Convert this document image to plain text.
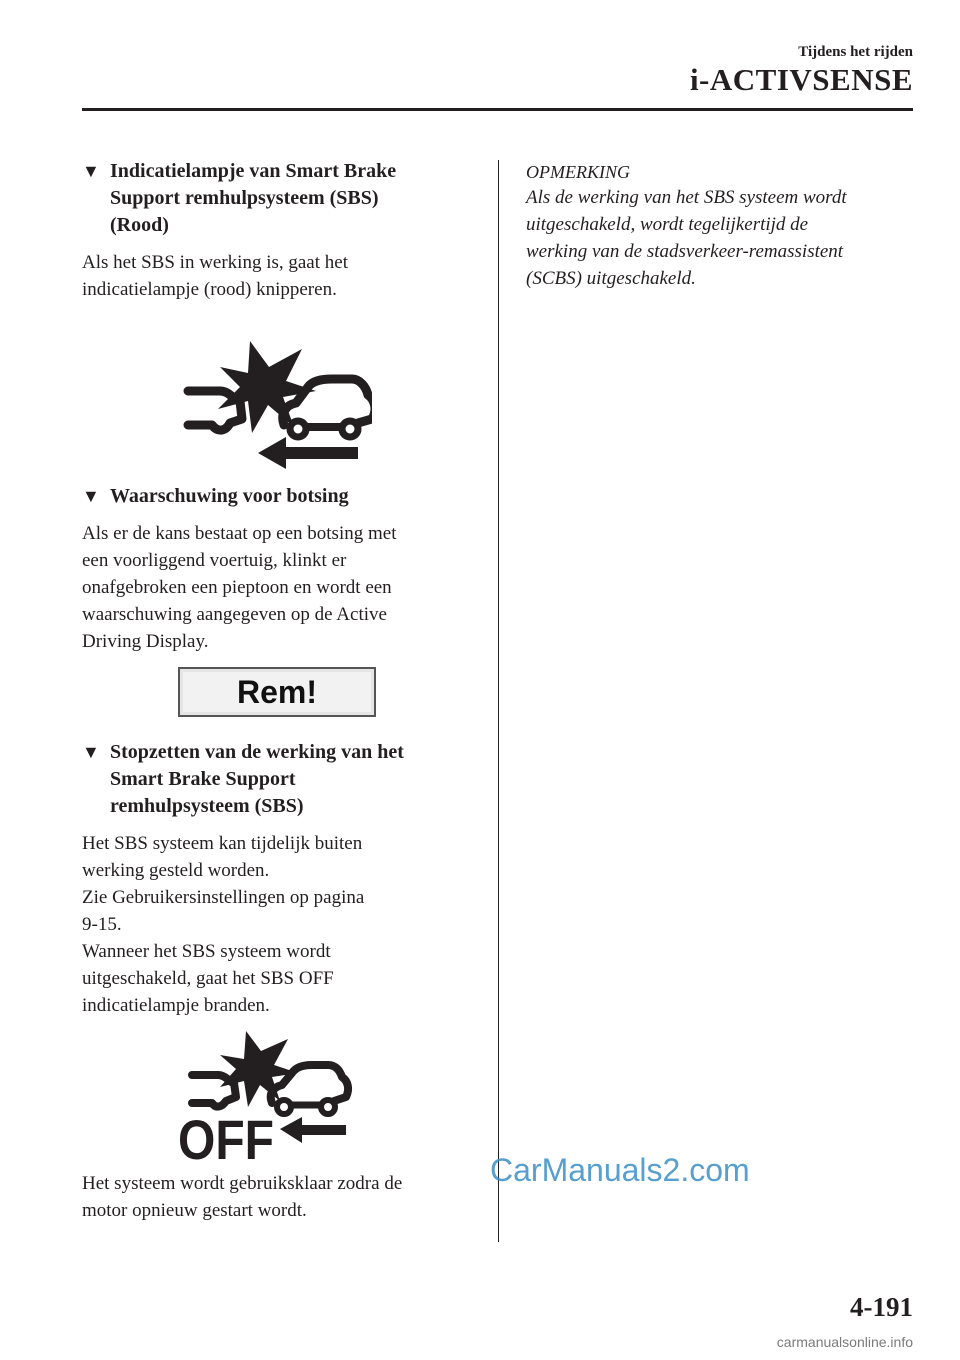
Tijdens het rijden
i-ACTIVSENSE
▼ Indicatielampje van Smart Brake
Support remhulpsysteem (SBS)
(Rood)
Als het SBS in werking is, gaat het
indicatielampje (rood) knipperen.
▼ Waarschuwing voor botsing
Als er de kans bestaat op een botsing met
een voorliggend voertuig, klinkt er
onafgebroken een pieptoon en wordt een
waarschuwing aangegeven op de Active
Driving Display.
Rem!
▼ Stopzetten van de werking van het
Smart Brake Support
remhulpsysteem (SBS)
Het SBS systeem kan tijdelijk buiten
werking gesteld worden.
Zie Gebruikersinstellingen op pagina
9-15.
Wanneer het SBS systeem wordt
uitgeschakeld, gaat het SBS OFF
indicatielampje branden.
OFF
Het systeem wordt gebruiksklaar zodra de
motor opnieuw gestart wordt.
OPMERKING
Als de werking van het SBS systeem wordt
uitgeschakeld, wordt tegelijkertijd de
werking van de stadsverkeer-remassistent
(SCBS) uitgeschakeld.
CarManuals2.com
4-191
carmanualsonline.info
